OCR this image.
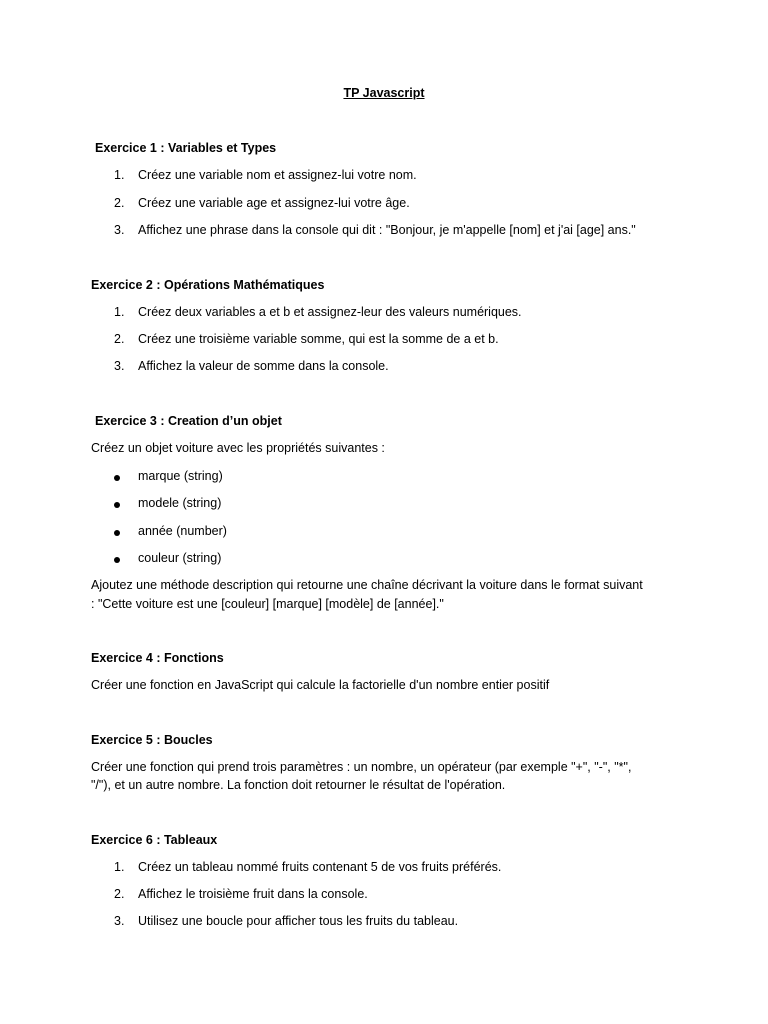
TP Javascript
Exercice 1 : Variables et Types
1. Créez une variable nom et assignez-lui votre nom.
2. Créez une variable age et assignez-lui votre âge.
3. Affichez une phrase dans la console qui dit : "Bonjour, je m'appelle [nom] et j'ai [age] ans."
Exercice 2 : Opérations Mathématiques
1. Créez deux variables a et b et assignez-leur des valeurs numériques.
2. Créez une troisième variable somme, qui est la somme de a et b.
3. Affichez la valeur de somme dans la console.
Exercice 3 : Creation d’un objet
Créez un objet voiture avec les propriétés suivantes :
marque (string)
modele (string)
année (number)
couleur (string)
Ajoutez une méthode description qui retourne une chaîne décrivant la voiture dans le format suivant
: "Cette voiture est une [couleur] [marque] [modèle] de [année]."
Exercice 4 : Fonctions
Créer une fonction en JavaScript qui calcule la factorielle d'un nombre entier positif
Exercice 5 : Boucles
Créer une fonction qui prend trois paramètres : un nombre, un opérateur (par exemple "+", "-", "*",
"/"), et un autre nombre. La fonction doit retourner le résultat de l'opération.
Exercice 6 : Tableaux
1. Créez un tableau nommé fruits contenant 5 de vos fruits préférés.
2. Affichez le troisième fruit dans la console.
3. Utilisez une boucle pour afficher tous les fruits du tableau.
